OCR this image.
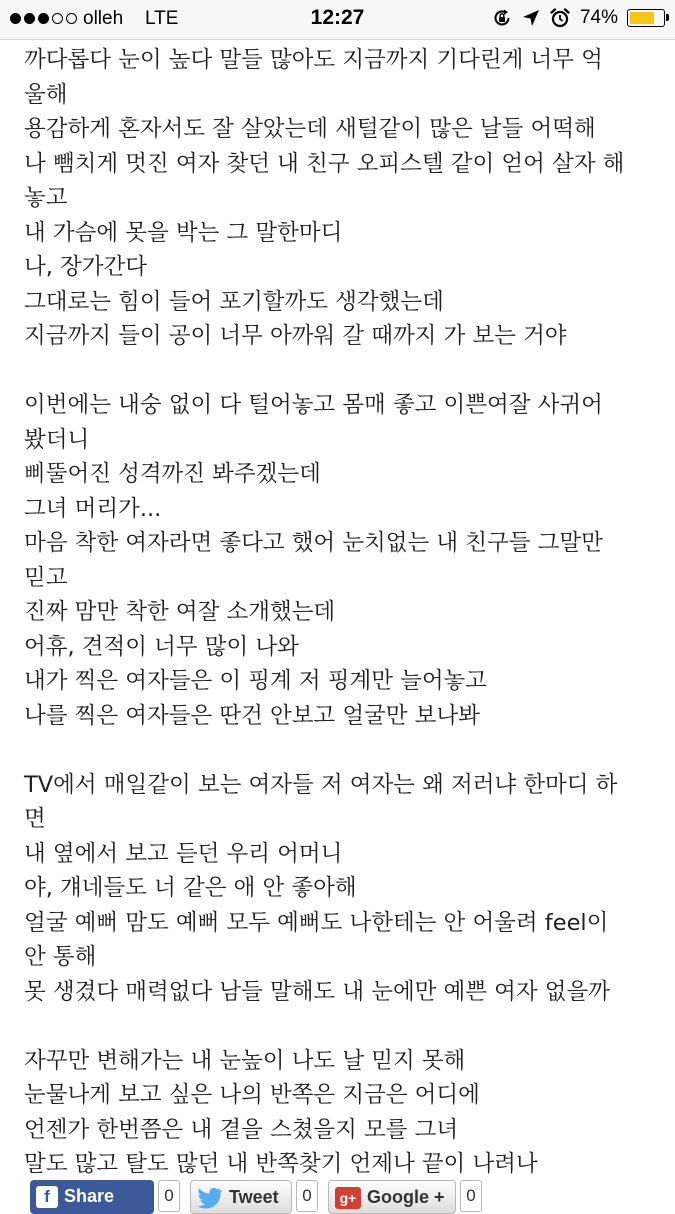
olleh LTE	12:27	74%
까다롭다 눈이 높다 말들 많아도 지금까지 기다린게 너무 억
울해
용감하게 혼자서도 잘 살았는데 새털같이 많은 날들 어떡해
나 뺌치게 멋진 여자 찾던 내 친구 오피스텔 같이 얻어 살자 해
놓고
내 가슴에 못을 박는 그 말한마디
나, 장가간다
그대로는 힘이 들어 포기할까도 생각했는데
지금까지 들이 공이 너무 아까워 갈 때까지 가 보는 거야
이번에는 내숭 없이 다 털어놓고 몸매 좋고 이쁜여잘 사귀어
봤더니
삐뚤어진 성격까진 봐주겠는데
그녀 머리가...
마음 착한 여자라면 좋다고 했어 눈치없는 내 친구들 그말만
믿고
진짜 맘만 착한 여잘 소개했는데
어휴, 견적이 너무 많이 나와
내가 찍은 여자들은 이 핑계 저 핑계만 늘어놓고
나를 찍은 여자들은 딴건 안보고 얼굴만 보나봐
TV에서 매일같이 보는 여자들 저 여자는 왜 저러냐 한마디 하
면
내 옆에서 보고 듣던 우리 어머니
야, 걔네들도 너 같은 애 안 좋아해
얼굴 예뻐 맘도 예뻐 모두 예뻐도 나한테는 안 어울려 feel이
안 통해
못 생겼다 매력없다 남들 말해도 내 눈에만 예쁜 여자 없을까
자꾸만 변해가는 내 눈높이 나도 날 믿지 못해
눈물나게 보고 싶은 나의 반쪽은 지금은 어디에
언젠가 한번쯤은 내 곁을 스쳤을지 모를 그녀
말도 많고 탈도 많던 내 반쪽찾기 언제나 끝이 나려나
f Share	0	Tweet	0	g+ Google +	0
